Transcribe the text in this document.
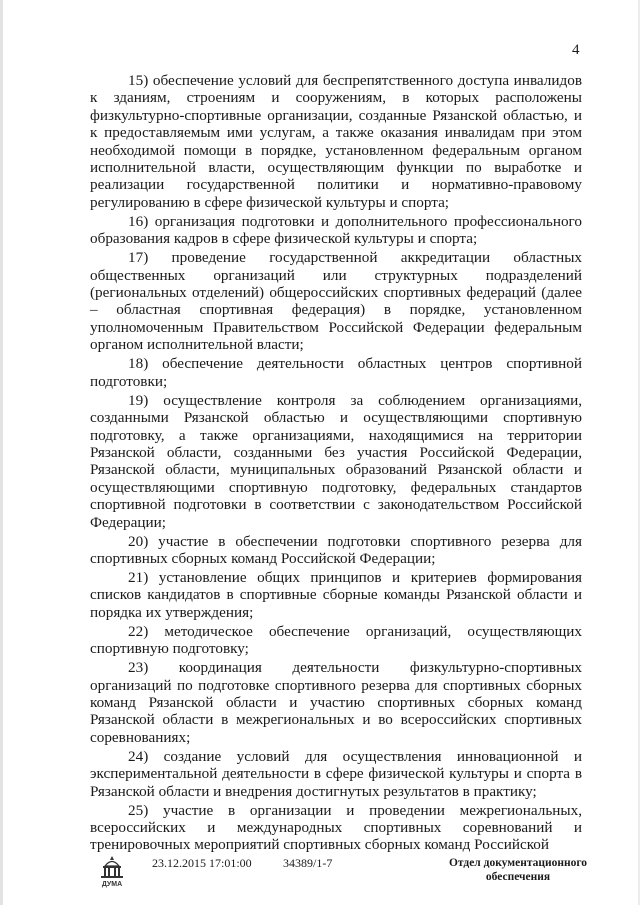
4

15) обеспечение условий для беспрепятственного доступа инвалидов к зданиям, строениям и сооружениям, в которых расположены физкультурно-спортивные организации, созданные Рязанской областью, и к предоставляемым ими услугам, а также оказания инвалидам при этом необходимой помощи в порядке, установленном федеральным органом исполнительной власти, осуществляющим функции по выработке и реализации государственной политики и нормативно-правовому регулированию в сфере физической культуры и спорта;

16) организация подготовки и дополнительного профессионального образования кадров в сфере физической культуры и спорта;

17) проведение государственной аккредитации областных общественных организаций или структурных подразделений (региональных отделений) общероссийских спортивных федераций (далее – областная спортивная федерация) в порядке, установленном уполномоченным Правительством Российской Федерации федеральным органом исполнительной власти;

18) обеспечение деятельности областных центров спортивной подготовки;

19) осуществление контроля за соблюдением организациями, созданными Рязанской областью и осуществляющими спортивную подготовку, а также организациями, находящимися на территории Рязанской области, созданными без участия Российской Федерации, Рязанской области, муниципальных образований Рязанской области и осуществляющими спортивную подготовку, федеральных стандартов спортивной подготовки в соответствии с законодательством Российской Федерации;

20) участие в обеспечении подготовки спортивного резерва для спортивных сборных команд Российской Федерации;

21) установление общих принципов и критериев формирования списков кандидатов в спортивные сборные команды Рязанской области и порядка их утверждения;

22) методическое обеспечение организаций, осуществляющих спортивную подготовку;

23) координация деятельности физкультурно-спортивных организаций по подготовке спортивного резерва для спортивных сборных команд Рязанской области и участию спортивных сборных команд Рязанской области в межрегиональных и во всероссийских спортивных соревнованиях;

24) создание условий для осуществления инновационной и экспериментальной деятельности в сфере физической культуры и спорта в Рязанской области и внедрения достигнутых результатов в практику;

25) участие в организации и проведении межрегиональных, всероссийских и международных спортивных соревнований и тренировочных мероприятий спортивных сборных команд Российской

ДУМА
23.12.2015 17:01:00	34389/1-7	Отдел документационного
обеспечения
